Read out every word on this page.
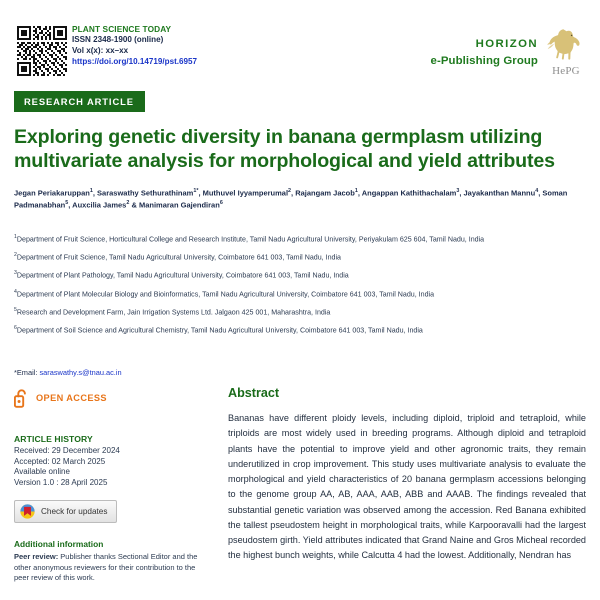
PLANT SCIENCE TODAY
ISSN 2348-1900 (online)
Vol x(x): xx–xx
https://doi.org/10.14719/pst.6957
HORIZON
e-Publishing Group
HePG
RESEARCH ARTICLE
Exploring genetic diversity in banana germplasm utilizing multivariate analysis for morphological and yield attributes
Jegan Periakaruppan$^1$, Saraswathy Sethurathinam$^{1*}$, Muthuvel Iyyamperumal$^2$, Rajangam Jacob$^1$, Angappan Kathithachalam$^3$, Jayakanthan Mannu$^4$, Soman Padmanabhan$^5$, Auxcilia James$^2$ & Manimaran Gajendiran$^6$
$^1$Department of Fruit Science, Horticultural College and Research Institute, Tamil Nadu Agricultural University, Periyakulam 625 604, Tamil Nadu, India
$^2$Department of Fruit Science, Tamil Nadu Agricultural University, Coimbatore 641 003, Tamil Nadu, India
$^3$Department of Plant Pathology, Tamil Nadu Agricultural University, Coimbatore 641 003, Tamil Nadu, India
$^4$Department of Plant Molecular Biology and Bioinformatics, Tamil Nadu Agricultural University, Coimbatore 641 003, Tamil Nadu, India
$^5$Research and Development Farm, Jain Irrigation Systems Ltd. Jalgaon 425 001, Maharashtra, India
$^6$Department of Soil Science and Agricultural Chemistry, Tamil Nadu Agricultural University, Coimbatore 641 003, Tamil Nadu, India
*Email: saraswathy.s@tnau.ac.in
OPEN ACCESS
ARTICLE HISTORY
Received: 29 December 2024
Accepted: 02 March 2025
Available online
Version 1.0 : 28 April 2025
Check for updates
Additional information
Peer review: Publisher thanks Sectional Editor and the other anonymous reviewers for their contribution to the peer review of this work.
Abstract
Bananas have different ploidy levels, including diploid, triploid and tetraploid, while triploids are most widely used in breeding programs. Although diploid and tetraploid plants have the potential to improve yield and other agronomic traits, they remain underutilized in crop improvement. This study uses multivariate analysis to evaluate the morphological and yield characteristics of 20 banana germplasm accessions belonging to the genome group AA, AB, AAA, AAB, ABB and AAAB. The findings revealed that substantial genetic variation was observed among the accession. Red Banana exhibited the tallest pseudostem height in morphological traits, while Karpooravalli had the largest pseudostem girth. Yield attributes indicated that Grand Naine and Gros Micheal recorded the highest bunch weights, while Calcutta 4 had the lowest. Additionally, Nendran has
